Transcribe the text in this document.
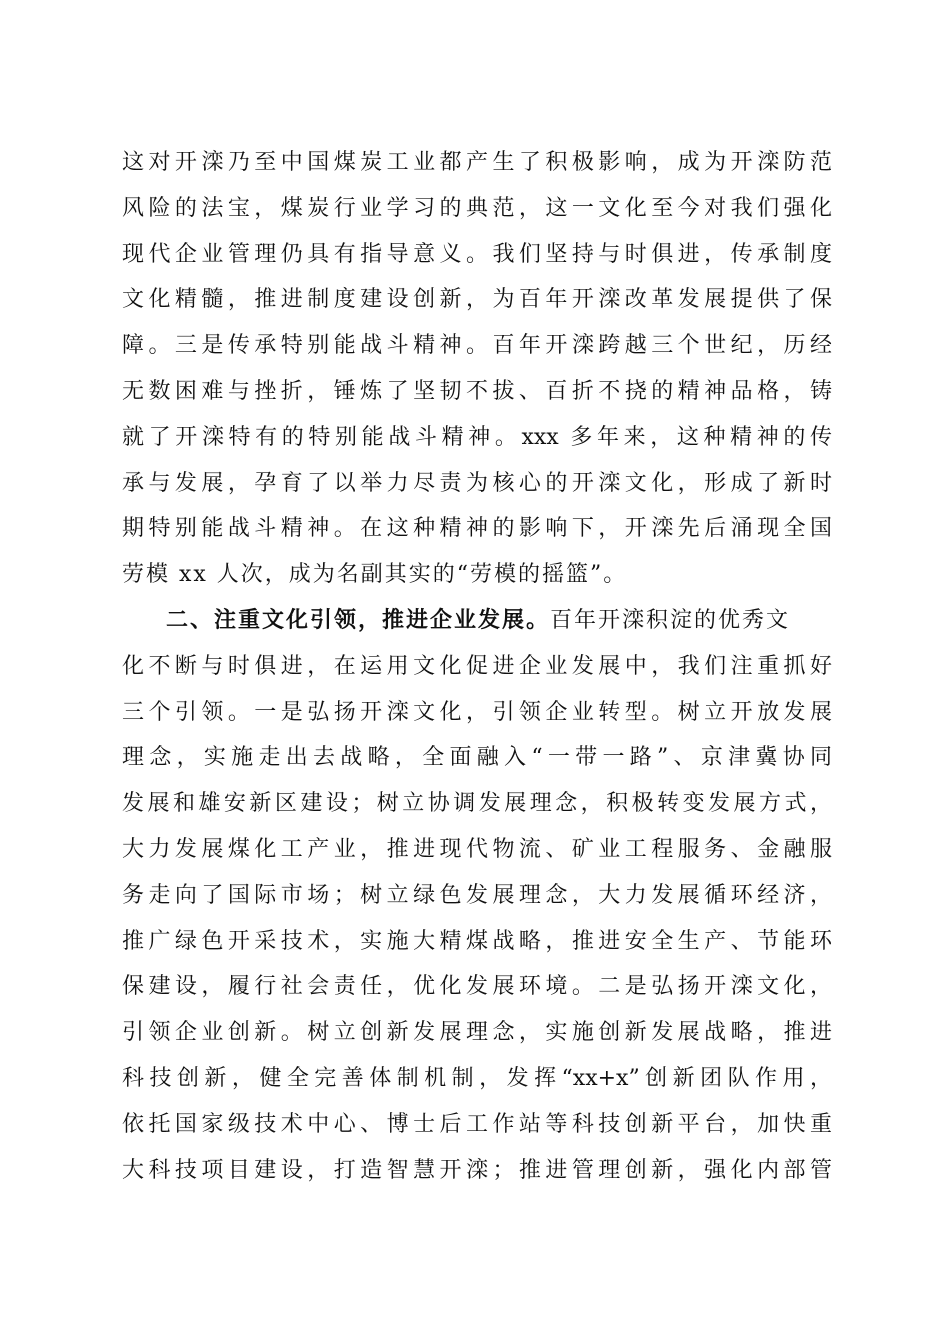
这对开滦乃至中国煤炭工业都产生了积极影响，成为开滦防范
风险的法宝，煤炭行业学习的典范，这一文化至今对我们强化
现代企业管理仍具有指导意义。我们坚持与时俱进，传承制度
文化精髓，推进制度建设创新，为百年开滦改革发展提供了保
障。三是传承特别能战斗精神。百年开滦跨越三个世纪，历经
无数困难与挫折，锤炼了坚韧不拔、百折不挠的精神品格，铸
就了开滦特有的特别能战斗精神。xxx 多年来，这种精神的传
承与发展，孕育了以举力尽责为核心的开滦文化，形成了新时
期特别能战斗精神。在这种精神的影响下，开滦先后涌现全国
劳模 xx 人次，成为名副其实的“劳模的摇篮”。
二、注重文化引领，推进企业发展。百年开滦积淀的优秀文
化不断与时俱进，在运用文化促进企业发展中，我们注重抓好
三个引领。一是弘扬开滦文化，引领企业转型。树立开放发展
理念，实施走出去战略，全面融入“一带一路”、京津冀协同
发展和雄安新区建设；树立协调发展理念，积极转变发展方式，
大力发展煤化工产业，推进现代物流、矿业工程服务、金融服
务走向了国际市场；树立绿色发展理念，大力发展循环经济，
推广绿色开采技术，实施大精煤战略，推进安全生产、节能环
保建设，履行社会责任，优化发展环境。二是弘扬开滦文化，
引领企业创新。树立创新发展理念，实施创新发展战略，推进
科技创新，健全完善体制机制，发挥“xx+x”创新团队作用，
依托国家级技术中心、博士后工作站等科技创新平台，加快重
大科技项目建设，打造智慧开滦；推进管理创新，强化内部管
